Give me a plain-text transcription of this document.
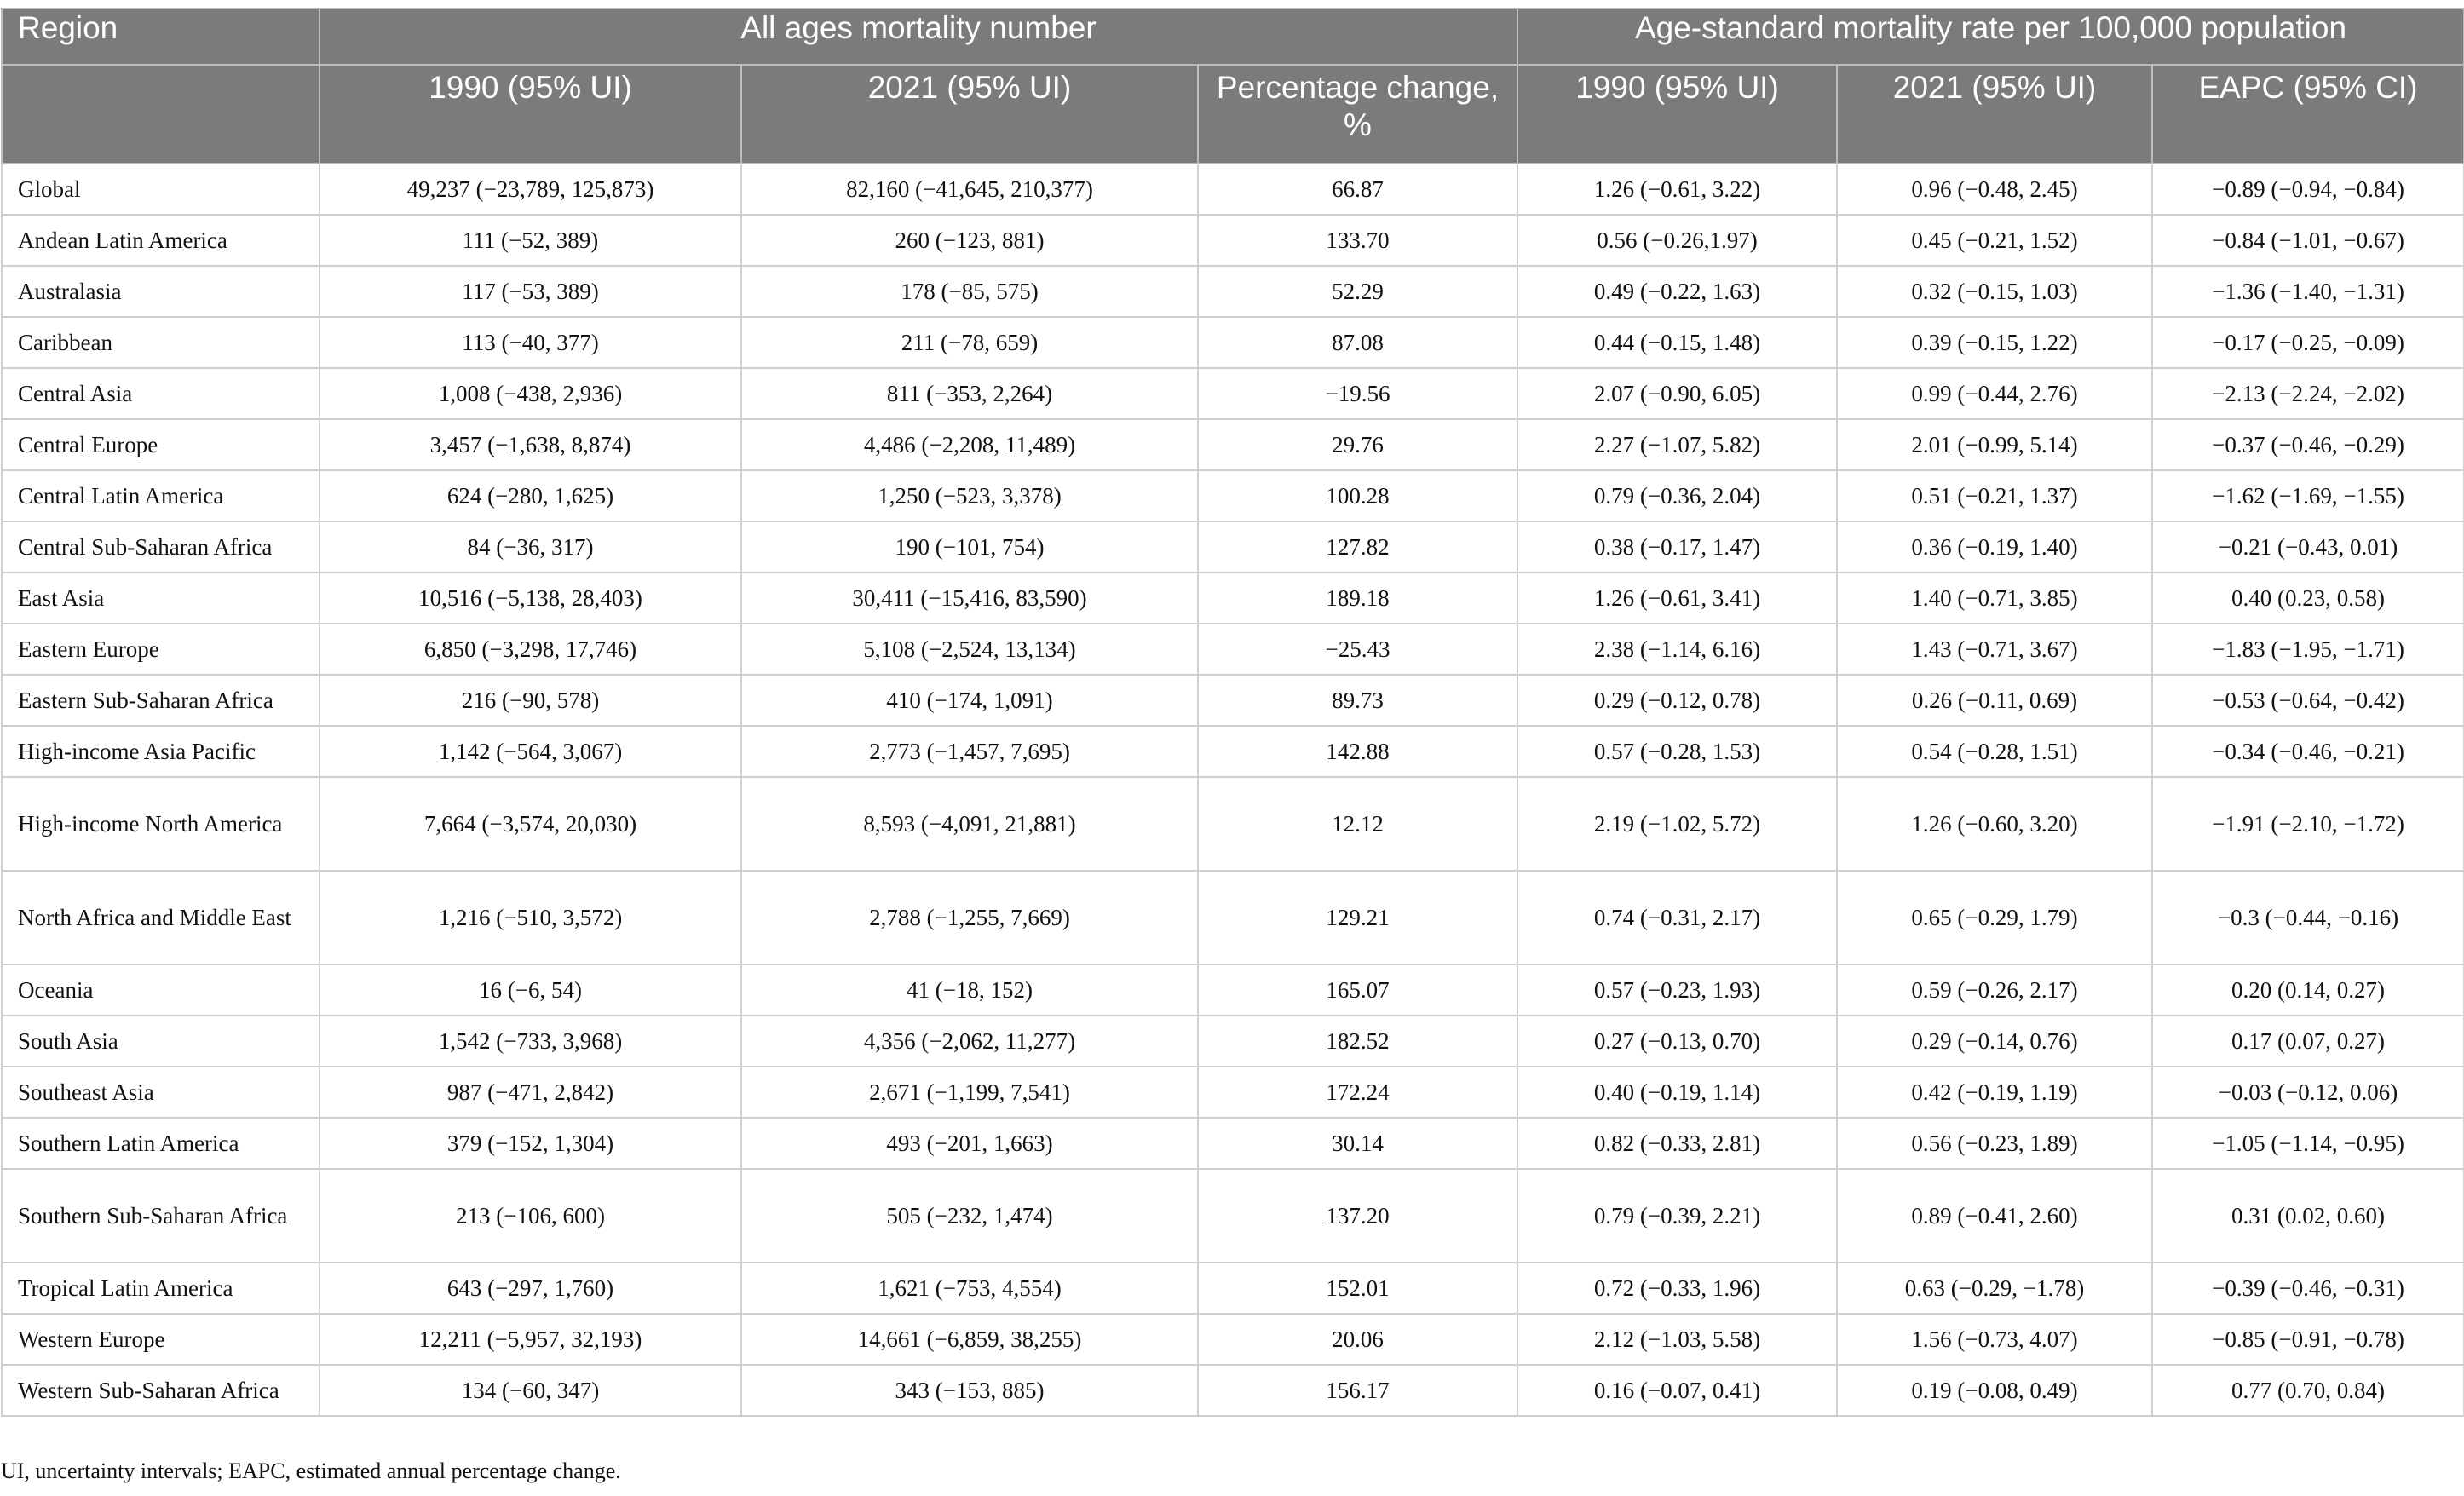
Region	All ages mortality number			Age-standard mortality rate per 100,000 population		
	1990 (95% UI)	2021 (95% UI)	Percentage change, %	1990 (95% UI)	2021 (95% UI)	EAPC (95% CI)
Global	49,237 (−23,789, 125,873)	82,160 (−41,645, 210,377)	66.87	1.26 (−0.61, 3.22)	0.96 (−0.48, 2.45)	−0.89 (−0.94, −0.84)
Andean Latin America	111 (−52, 389)	260 (−123, 881)	133.70	0.56 (−0.26,1.97)	0.45 (−0.21, 1.52)	−0.84 (−1.01, −0.67)
Australasia	117 (−53, 389)	178 (−85, 575)	52.29	0.49 (−0.22, 1.63)	0.32 (−0.15, 1.03)	−1.36 (−1.40, −1.31)
Caribbean	113 (−40, 377)	211 (−78, 659)	87.08	0.44 (−0.15, 1.48)	0.39 (−0.15, 1.22)	−0.17 (−0.25, −0.09)
Central Asia	1,008 (−438, 2,936)	811 (−353, 2,264)	−19.56	2.07 (−0.90, 6.05)	0.99 (−0.44, 2.76)	−2.13 (−2.24, −2.02)
Central Europe	3,457 (−1,638, 8,874)	4,486 (−2,208, 11,489)	29.76	2.27 (−1.07, 5.82)	2.01 (−0.99, 5.14)	−0.37 (−0.46, −0.29)
Central Latin America	624 (−280, 1,625)	1,250 (−523, 3,378)	100.28	0.79 (−0.36, 2.04)	0.51 (−0.21, 1.37)	−1.62 (−1.69, −1.55)
Central Sub-Saharan Africa	84 (−36, 317)	190 (−101, 754)	127.82	0.38 (−0.17, 1.47)	0.36 (−0.19, 1.40)	−0.21 (−0.43, 0.01)
East Asia	10,516 (−5,138, 28,403)	30,411 (−15,416, 83,590)	189.18	1.26 (−0.61, 3.41)	1.40 (−0.71, 3.85)	0.40 (0.23, 0.58)
Eastern Europe	6,850 (−3,298, 17,746)	5,108 (−2,524, 13,134)	−25.43	2.38 (−1.14, 6.16)	1.43 (−0.71, 3.67)	−1.83 (−1.95, −1.71)
Eastern Sub-Saharan Africa	216 (−90, 578)	410 (−174, 1,091)	89.73	0.29 (−0.12, 0.78)	0.26 (−0.11, 0.69)	−0.53 (−0.64, −0.42)
High-income Asia Pacific	1,142 (−564, 3,067)	2,773 (−1,457, 7,695)	142.88	0.57 (−0.28, 1.53)	0.54 (−0.28, 1.51)	−0.34 (−0.46, −0.21)
High-income North America	7,664 (−3,574, 20,030)	8,593 (−4,091, 21,881)	12.12	2.19 (−1.02, 5.72)	1.26 (−0.60, 3.20)	−1.91 (−2.10, −1.72)
North Africa and Middle East	1,216 (−510, 3,572)	2,788 (−1,255, 7,669)	129.21	0.74 (−0.31, 2.17)	0.65 (−0.29, 1.79)	−0.3 (−0.44, −0.16)
Oceania	16 (−6, 54)	41 (−18, 152)	165.07	0.57 (−0.23, 1.93)	0.59 (−0.26, 2.17)	0.20 (0.14, 0.27)
South Asia	1,542 (−733, 3,968)	4,356 (−2,062, 11,277)	182.52	0.27 (−0.13, 0.70)	0.29 (−0.14, 0.76)	0.17 (0.07, 0.27)
Southeast Asia	987 (−471, 2,842)	2,671 (−1,199, 7,541)	172.24	0.40 (−0.19, 1.14)	0.42 (−0.19, 1.19)	−0.03 (−0.12, 0.06)
Southern Latin America	379 (−152, 1,304)	493 (−201, 1,663)	30.14	0.82 (−0.33, 2.81)	0.56 (−0.23, 1.89)	−1.05 (−1.14, −0.95)
Southern Sub-Saharan Africa	213 (−106, 600)	505 (−232, 1,474)	137.20	0.79 (−0.39, 2.21)	0.89 (−0.41, 2.60)	0.31 (0.02, 0.60)
Tropical Latin America	643 (−297, 1,760)	1,621 (−753, 4,554)	152.01	0.72 (−0.33, 1.96)	0.63 (−0.29, −1.78)	−0.39 (−0.46, −0.31)
Western Europe	12,211 (−5,957, 32,193)	14,661 (−6,859, 38,255)	20.06	2.12 (−1.03, 5.58)	1.56 (−0.73, 4.07)	−0.85 (−0.91, −0.78)
Western Sub-Saharan Africa	134 (−60, 347)	343 (−153, 885)	156.17	0.16 (−0.07, 0.41)	0.19 (−0.08, 0.49)	0.77 (0.70, 0.84)
UI, uncertainty intervals; EAPC, estimated annual percentage change.
